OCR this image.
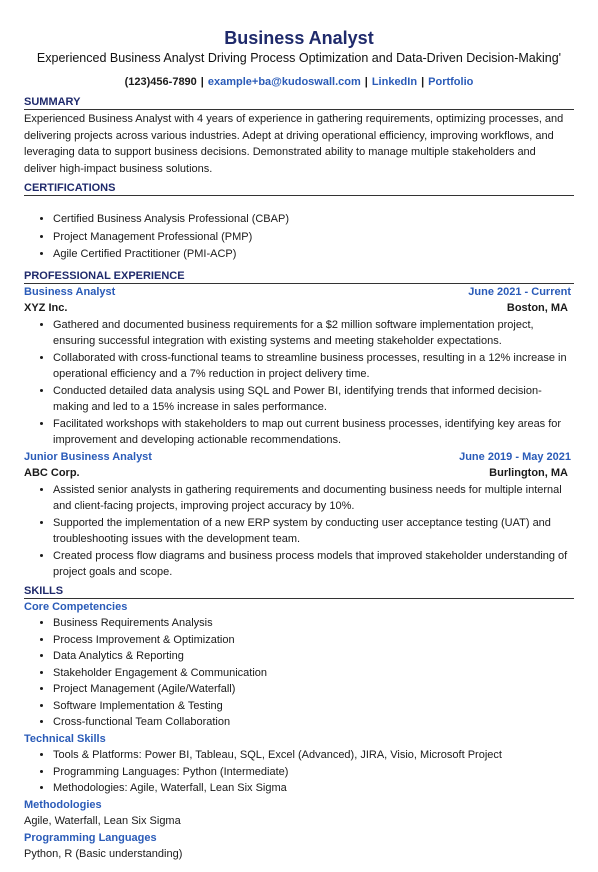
Business Analyst
Experienced Business Analyst Driving Process Optimization and Data-Driven Decision-Making'
(123)456-7890 | example+ba@kudoswall.com | LinkedIn | Portfolio
SUMMARY
Experienced Business Analyst with 4 years of experience in gathering requirements, optimizing processes, and
delivering projects across various industries. Adept at driving operational efficiency, improving workflows, and
leveraging data to support business decisions. Demonstrated ability to manage multiple stakeholders and
deliver high-impact business solutions.
CERTIFICATIONS
• Certified Business Analysis Professional (CBAP)
• Project Management Professional (PMP)
• Agile Certified Practitioner (PMI-ACP)
PROFESSIONAL EXPERIENCE
Business Analyst	June 2021 - Current
XYZ Inc.	Boston, MA
• Gathered and documented business requirements for a $2 million software implementation project,
ensuring successful integration with existing systems and meeting stakeholder expectations.
• Collaborated with cross-functional teams to streamline business processes, resulting in a 12% increase in
operational efficiency and a 7% reduction in project delivery time.
• Conducted detailed data analysis using SQL and Power BI, identifying trends that informed decision-
making and led to a 15% increase in sales performance.
• Facilitated workshops with stakeholders to map out current business processes, identifying key areas for
improvement and developing actionable recommendations.
Junior Business Analyst	June 2019 - May 2021
ABC Corp.	Burlington, MA
• Assisted senior analysts in gathering requirements and documenting business needs for multiple internal
and client-facing projects, improving project accuracy by 10%.
• Supported the implementation of a new ERP system by conducting user acceptance testing (UAT) and
troubleshooting issues with the development team.
• Created process flow diagrams and business process models that improved stakeholder understanding of
project goals and scope.
SKILLS
Core Competencies
• Business Requirements Analysis
• Process Improvement & Optimization
• Data Analytics & Reporting
• Stakeholder Engagement & Communication
• Project Management (Agile/Waterfall)
• Software Implementation & Testing
• Cross-functional Team Collaboration
Technical Skills
• Tools & Platforms: Power BI, Tableau, SQL, Excel (Advanced), JIRA, Visio, Microsoft Project
• Programming Languages: Python (Intermediate)
• Methodologies: Agile, Waterfall, Lean Six Sigma
Methodologies
Agile, Waterfall, Lean Six Sigma
Programming Languages
Python, R (Basic understanding)
